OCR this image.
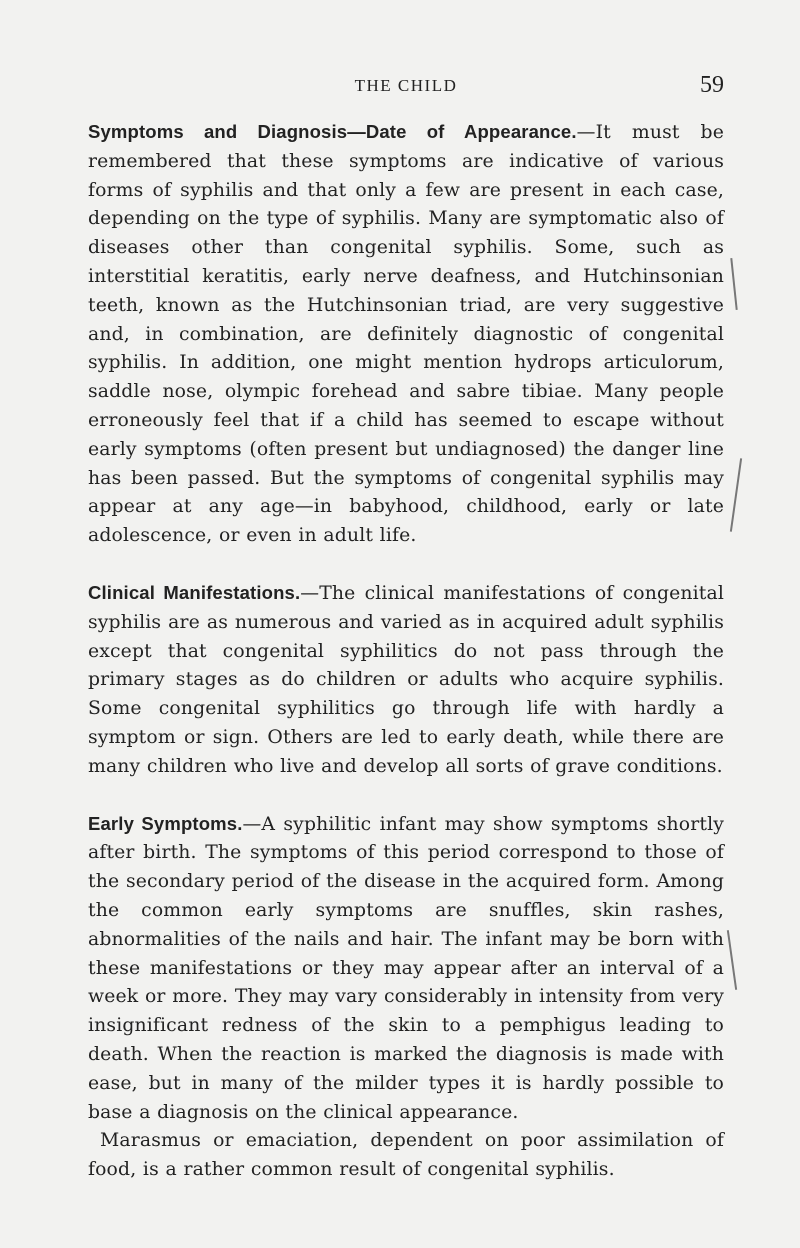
THE CHILD	59

Symptoms and Diagnosis—Date of Appearance.—It must be remembered that these symptoms are indicative of various forms of syphilis and that only a few are present in each case, depending on the type of syphilis. Many are symptomatic also of diseases other than congenital syphilis. Some, such as interstitial keratitis, early nerve deafness, and Hutchinsonian teeth, known as the Hutchinsonian triad, are very suggestive and, in combination, are definitely diagnostic of congenital syphilis. In addition, one might mention hydrops articulorum, saddle nose, olympic forehead and sabre tibiae. Many people erroneously feel that if a child has seemed to escape without early symptoms (often present but undiagnosed) the danger line has been passed. But the symptoms of congenital syphilis may appear at any age—in babyhood, childhood, early or late adolescence, or even in adult life.

Clinical Manifestations.—The clinical manifestations of congenital syphilis are as numerous and varied as in acquired adult syphilis except that congenital syphilitics do not pass through the primary stages as do children or adults who acquire syphilis. Some congenital syphilitics go through life with hardly a symptom or sign. Others are led to early death, while there are many children who live and develop all sorts of grave conditions.

Early Symptoms.—A syphilitic infant may show symptoms shortly after birth. The symptoms of this period correspond to those of the secondary period of the disease in the acquired form. Among the common early symptoms are snuffles, skin rashes, abnormalities of the nails and hair. The infant may be born with these manifestations or they may appear after an interval of a week or more. They may vary considerably in intensity from very insignificant redness of the skin to a pemphigus leading to death. When the reaction is marked the diagnosis is made with ease, but in many of the milder types it is hardly possible to base a diagnosis on the clinical appearance.

Marasmus or emaciation, dependent on poor assimilation of food, is a rather common result of congenital syphilis.
